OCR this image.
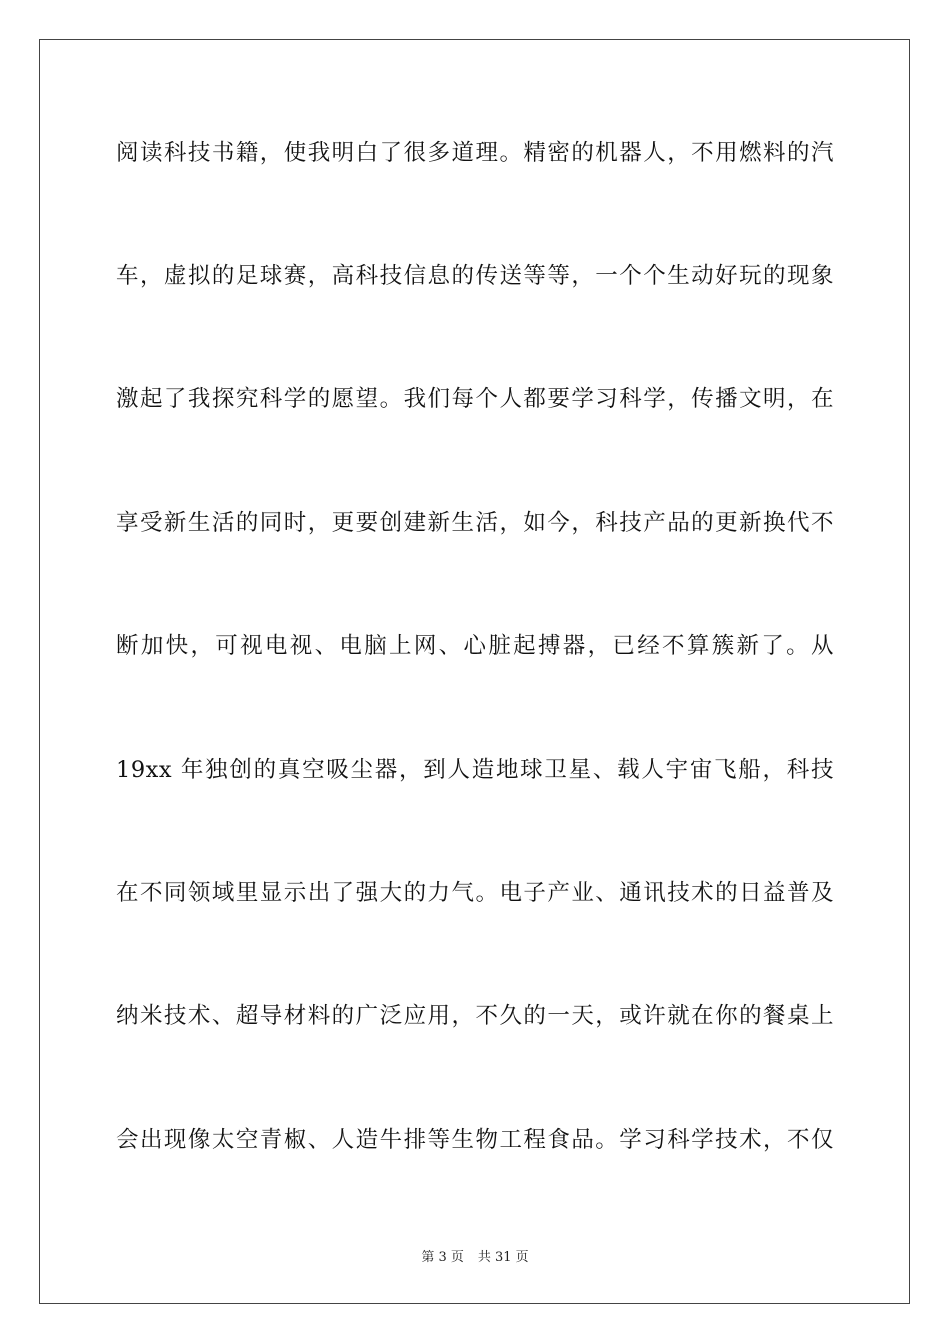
阅读科技书籍，使我明白了很多道理。精密的机器人，不用燃料的汽
车，虚拟的足球赛，高科技信息的传送等等，一个个生动好玩的现象
激起了我探究科学的愿望。我们每个人都要学习科学，传播文明，在
享受新生活的同时，更要创建新生活，如今，科技产品的更新换代不
断加快，可视电视、电脑上网、心脏起搏器，已经不算簇新了。从
19xx 年独创的真空吸尘器，到人造地球卫星、载人宇宙飞船，科技
在不同领域里显示出了强大的力气。电子产业、通讯技术的日益普及
纳米技术、超导材料的广泛应用，不久的一天，或许就在你的餐桌上
会出现像太空青椒、人造牛排等生物工程食品。学习科学技术，不仅
第 3 页 共 31 页
